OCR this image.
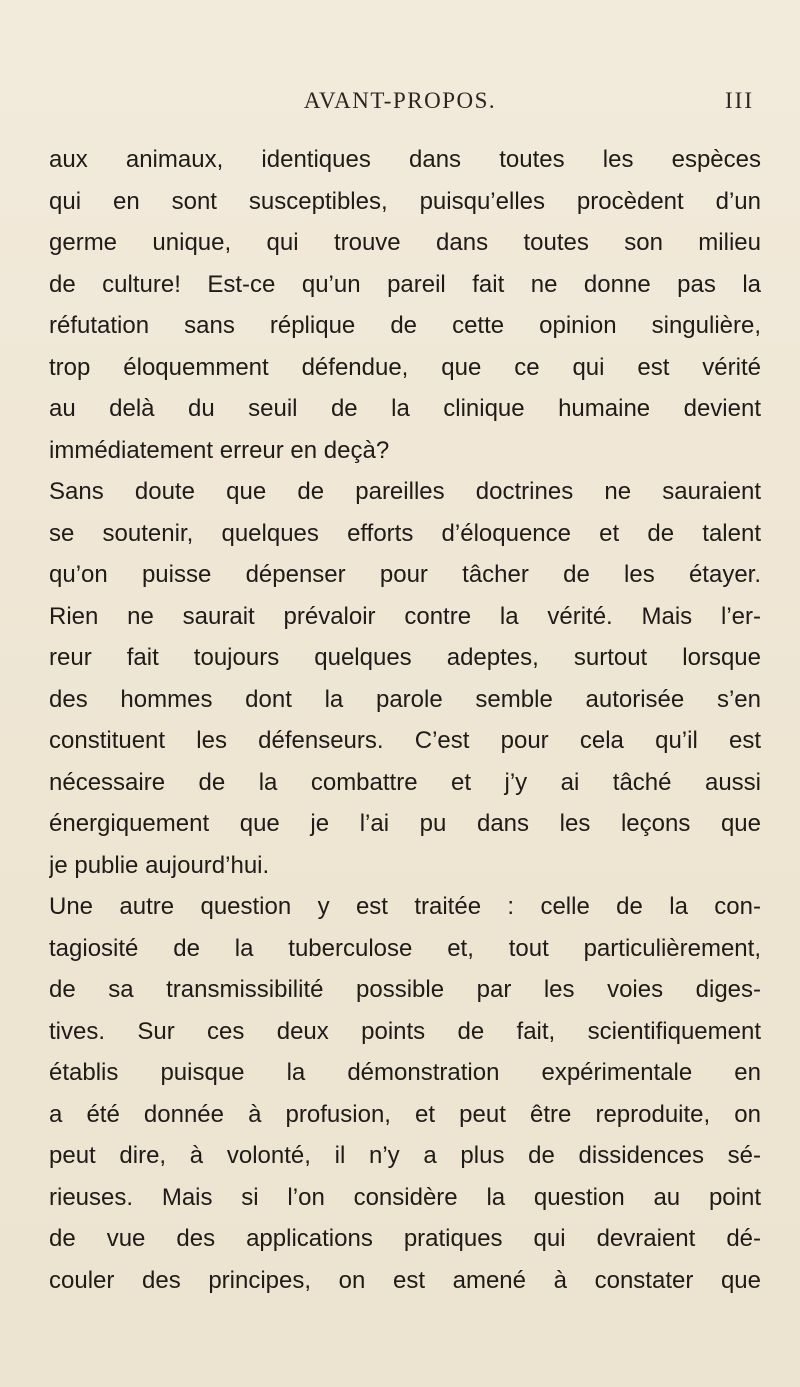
AVANT-PROPOS.	III
aux animaux, identiques dans toutes les espèces
qui en sont susceptibles, puisqu’elles procèdent d’un
germe unique, qui trouve dans toutes son milieu
de culture! Est-ce qu’un pareil fait ne donne pas la
réfutation sans réplique de cette opinion singulière,
trop éloquemment défendue, que ce qui est vérité
au delà du seuil de la clinique humaine devient
immédiatement erreur en deçà?
Sans doute que de pareilles doctrines ne sauraient
se soutenir, quelques efforts d’éloquence et de talent
qu’on puisse dépenser pour tâcher de les étayer.
Rien ne saurait prévaloir contre la vérité. Mais l’er-
reur fait toujours quelques adeptes, surtout lorsque
des hommes dont la parole semble autorisée s’en
constituent les défenseurs. C’est pour cela qu’il est
nécessaire de la combattre et j’y ai tâché aussi
énergiquement que je l’ai pu dans les leçons que
je publie aujourd’hui.
Une autre question y est traitée : celle de la con-
tagiosité de la tuberculose et, tout particulièrement,
de sa transmissibilité possible par les voies diges-
tives. Sur ces deux points de fait, scientifiquement
établis puisque la démonstration expérimentale en
a été donnée à profusion, et peut être reproduite, on
peut dire, à volonté, il n’y a plus de dissidences sé-
rieuses. Mais si l’on considère la question au point
de vue des applications pratiques qui devraient dé-
couler des principes, on est amené à constater que
